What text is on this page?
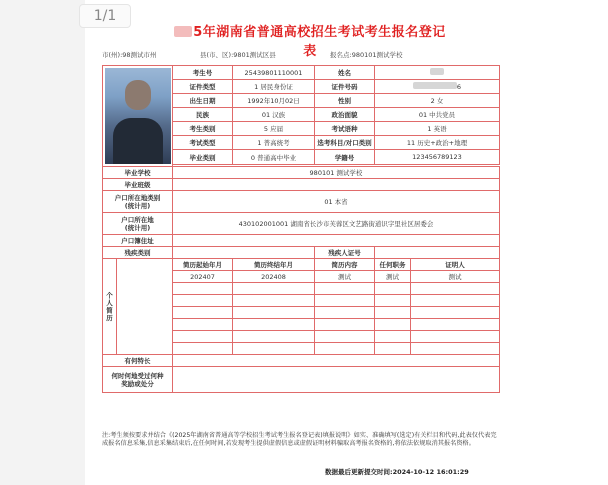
1/1
5年湖南省普通高校招生考试考生报名登记表
市(州):98测试市州	县(市、区):9801测试区县	报名点:980101测试学校
	考生号	25439801110001	姓名	
证件类型	1 居民身份证	证件号码	6
出生日期	1992年10月02日	性别	2 女
民族	01 汉族	政治面貌	01 中共党员
考生类别	5 应届	考试语种	1 英语
考试类型	1 普高统考	选考科目/对口类别	11 历史+政治+地理
毕业类别	0 普通高中毕业	学籍号	123456789123

毕业学校	980101 测试学校
毕业班级	
户口所在地类别
(统计用)	01 本省
户口所在地
(统计用)	430102001001 湖南省长沙市芙蓉区文艺路街道识字里社区居委会
户口簿住址	
残疾类别		残疾人证号	

个人简历	
	简历起始年月	简历终结年月	简历内容	任何职务	证明人
202407	202408	测试	测试	测试

有何特长	
何时何地受过何种
奖励或处分	
注:考生须按要求并结合《(2025年湖南省普通高等学校招生考试考生报名登记表)填报说明》如实、准确填写(选定)有关栏目和代码,此表仅代表完成报名信息采集,信息采集结束后,在任何时间,若发现考生提供虚假信息或虚假证明材料骗取高考报名资格的,将依法依规取消其报名资格。
数据最后更新提交时间:2024-10-12 16:01:29
